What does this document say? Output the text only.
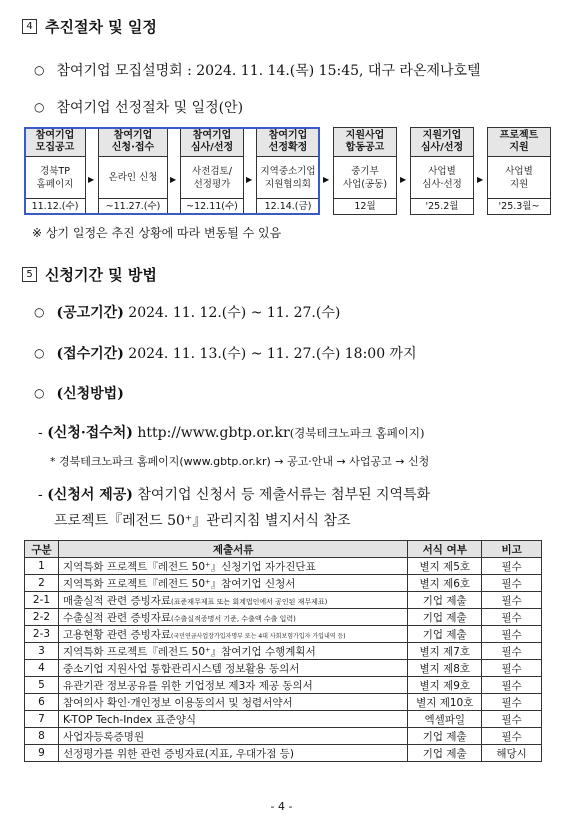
4 추진절차 및 일정
○ 참여기업 모집설명회 : 2024. 11. 14.(목) 15:45, 대구 라온제나호텔
○ 참여기업 선정절차 및 일정(안)
참여기업
모집공고
경북TP
홈페이지
11.12.(수)
▶
참여기업
신청·접수
온라인 신청
~11.27.(수)
▶
참여기업
심사/선정
사전검토/
선정평가
~12.11(수)
▶
참여기업
선정확정
지역중소기업
지원협의회
12.14.(금)
▶
지원사업
합동공고
중기부
사업(공동)
12월
▶
지원기업
심사/선정
사업별
심사·선정
'25.2월
▶
프로젝트
지원
사업별
지원
'25.3월~
※ 상기 일정은 추진 상황에 따라 변동될 수 있음
5 신청기간 및 방법
○ (공고기간) 2024. 11. 12.(수) ~ 11. 27.(수)
○ (접수기간) 2024. 11. 13.(수) ~ 11. 27.(수) 18:00 까지
○ (신청방법)
- (신청·접수처) http://www.gbtp.or.kr(경북테크노파크 홈페이지)
* 경북테크노파크 홈페이지(www.gbtp.or.kr) → 공고·안내 → 사업공고 → 신청
- (신청서 제공) 참여기업 신청서 등 제출서류는 첨부된 지역특화
프로젝트『레전드 50⁺』관리지침 별지서식 참조
구분	제출서류	서식 여부	비고
1	지역특화 프로젝트『레전드 50⁺』신청기업 자가진단표	별지 제5호	필수
2	지역특화 프로젝트『레전드 50⁺』참여기업 신청서	별지 제6호	필수
2-1	매출실적 관련 증빙자료(표준재무제표 또는 회계법인에서 공인된 재무제표)	기업 제출	필수
2-2	수출실적 관련 증빙자료(수출실적증명서 기준, 수출액 수출 입력)	기업 제출	필수
2-3	고용현황 관련 증빙자료(국민연금사업장가입자명부 또는 4대 사회보험가입자 가입내역 등)	기업 제출	필수
3	지역특화 프로젝트『레전드 50⁺』참여기업 수행계획서	별지 제7호	필수
4	중소기업 지원사업 통합관리시스템 정보활용 동의서	별지 제8호	필수
5	유관기관 정보공유를 위한 기업정보 제3자 제공 동의서	별지 제9호	필수
6	참여의사 확인·개인정보 이용동의서 및 청렴서약서	별지 제10호	필수
7	K-TOP Tech-Index 표준양식	엑셀파일	필수
8	사업자등록증명원	기업 제출	필수
9	선정평가를 위한 관련 증빙자료(지표, 우대가점 등)	기업 제출	해당시
- 4 -
